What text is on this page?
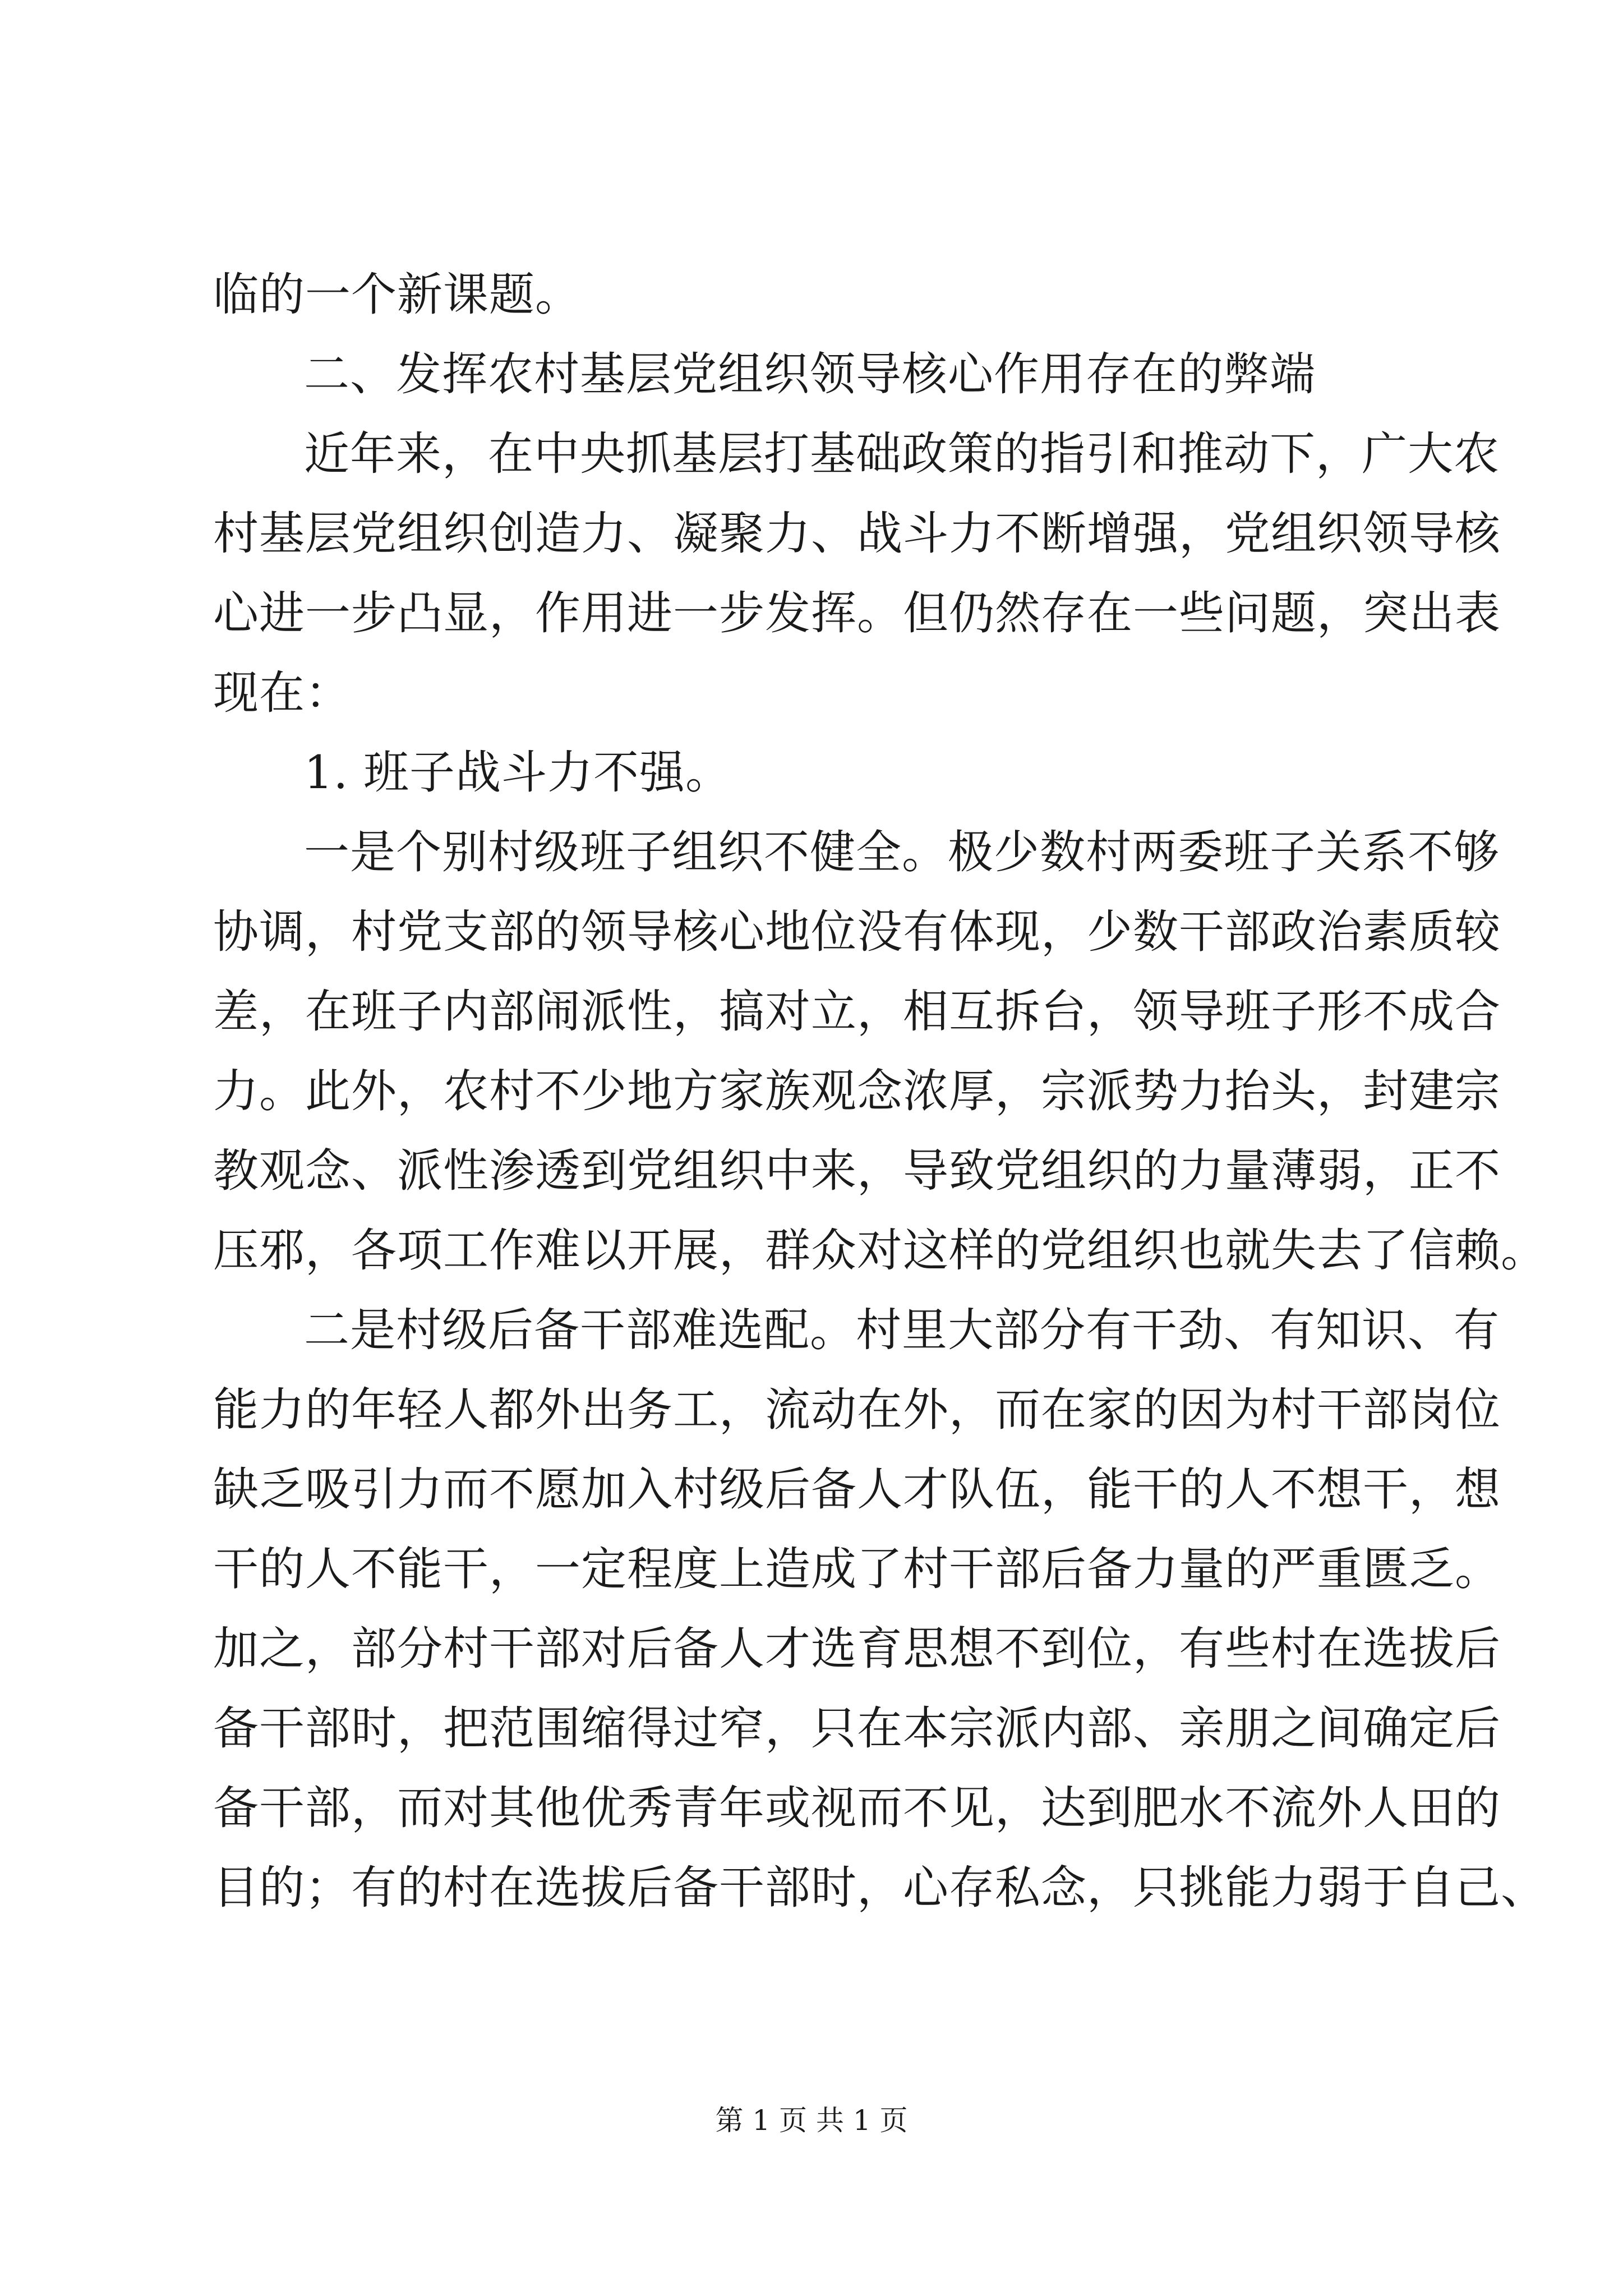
临的一个新课题。
二、发挥农村基层党组织领导核心作用存在的弊端
近年来，在中央抓基层打基础政策的指引和推动下，广大农
村基层党组织创造力、凝聚力、战斗力不断增强，党组织领导核
心进一步凸显，作用进一步发挥。但仍然存在一些问题，突出表
现在：
1. 班子战斗力不强。
一是个别村级班子组织不健全。极少数村两委班子关系不够
协调，村党支部的领导核心地位没有体现，少数干部政治素质较
差，在班子内部闹派性，搞对立，相互拆台，领导班子形不成合
力。此外，农村不少地方家族观念浓厚，宗派势力抬头，封建宗
教观念、派性渗透到党组织中来，导致党组织的力量薄弱，正不
压邪，各项工作难以开展，群众对这样的党组织也就失去了信赖。
二是村级后备干部难选配。村里大部分有干劲、有知识、有
能力的年轻人都外出务工，流动在外，而在家的因为村干部岗位
缺乏吸引力而不愿加入村级后备人才队伍，能干的人不想干，想
干的人不能干，一定程度上造成了村干部后备力量的严重匮乏。
加之，部分村干部对后备人才选育思想不到位，有些村在选拔后
备干部时，把范围缩得过窄，只在本宗派内部、亲朋之间确定后
备干部，而对其他优秀青年或视而不见，达到肥水不流外人田的
目的；有的村在选拔后备干部时，心存私念，只挑能力弱于自己、
第 1 页 共 1 页
